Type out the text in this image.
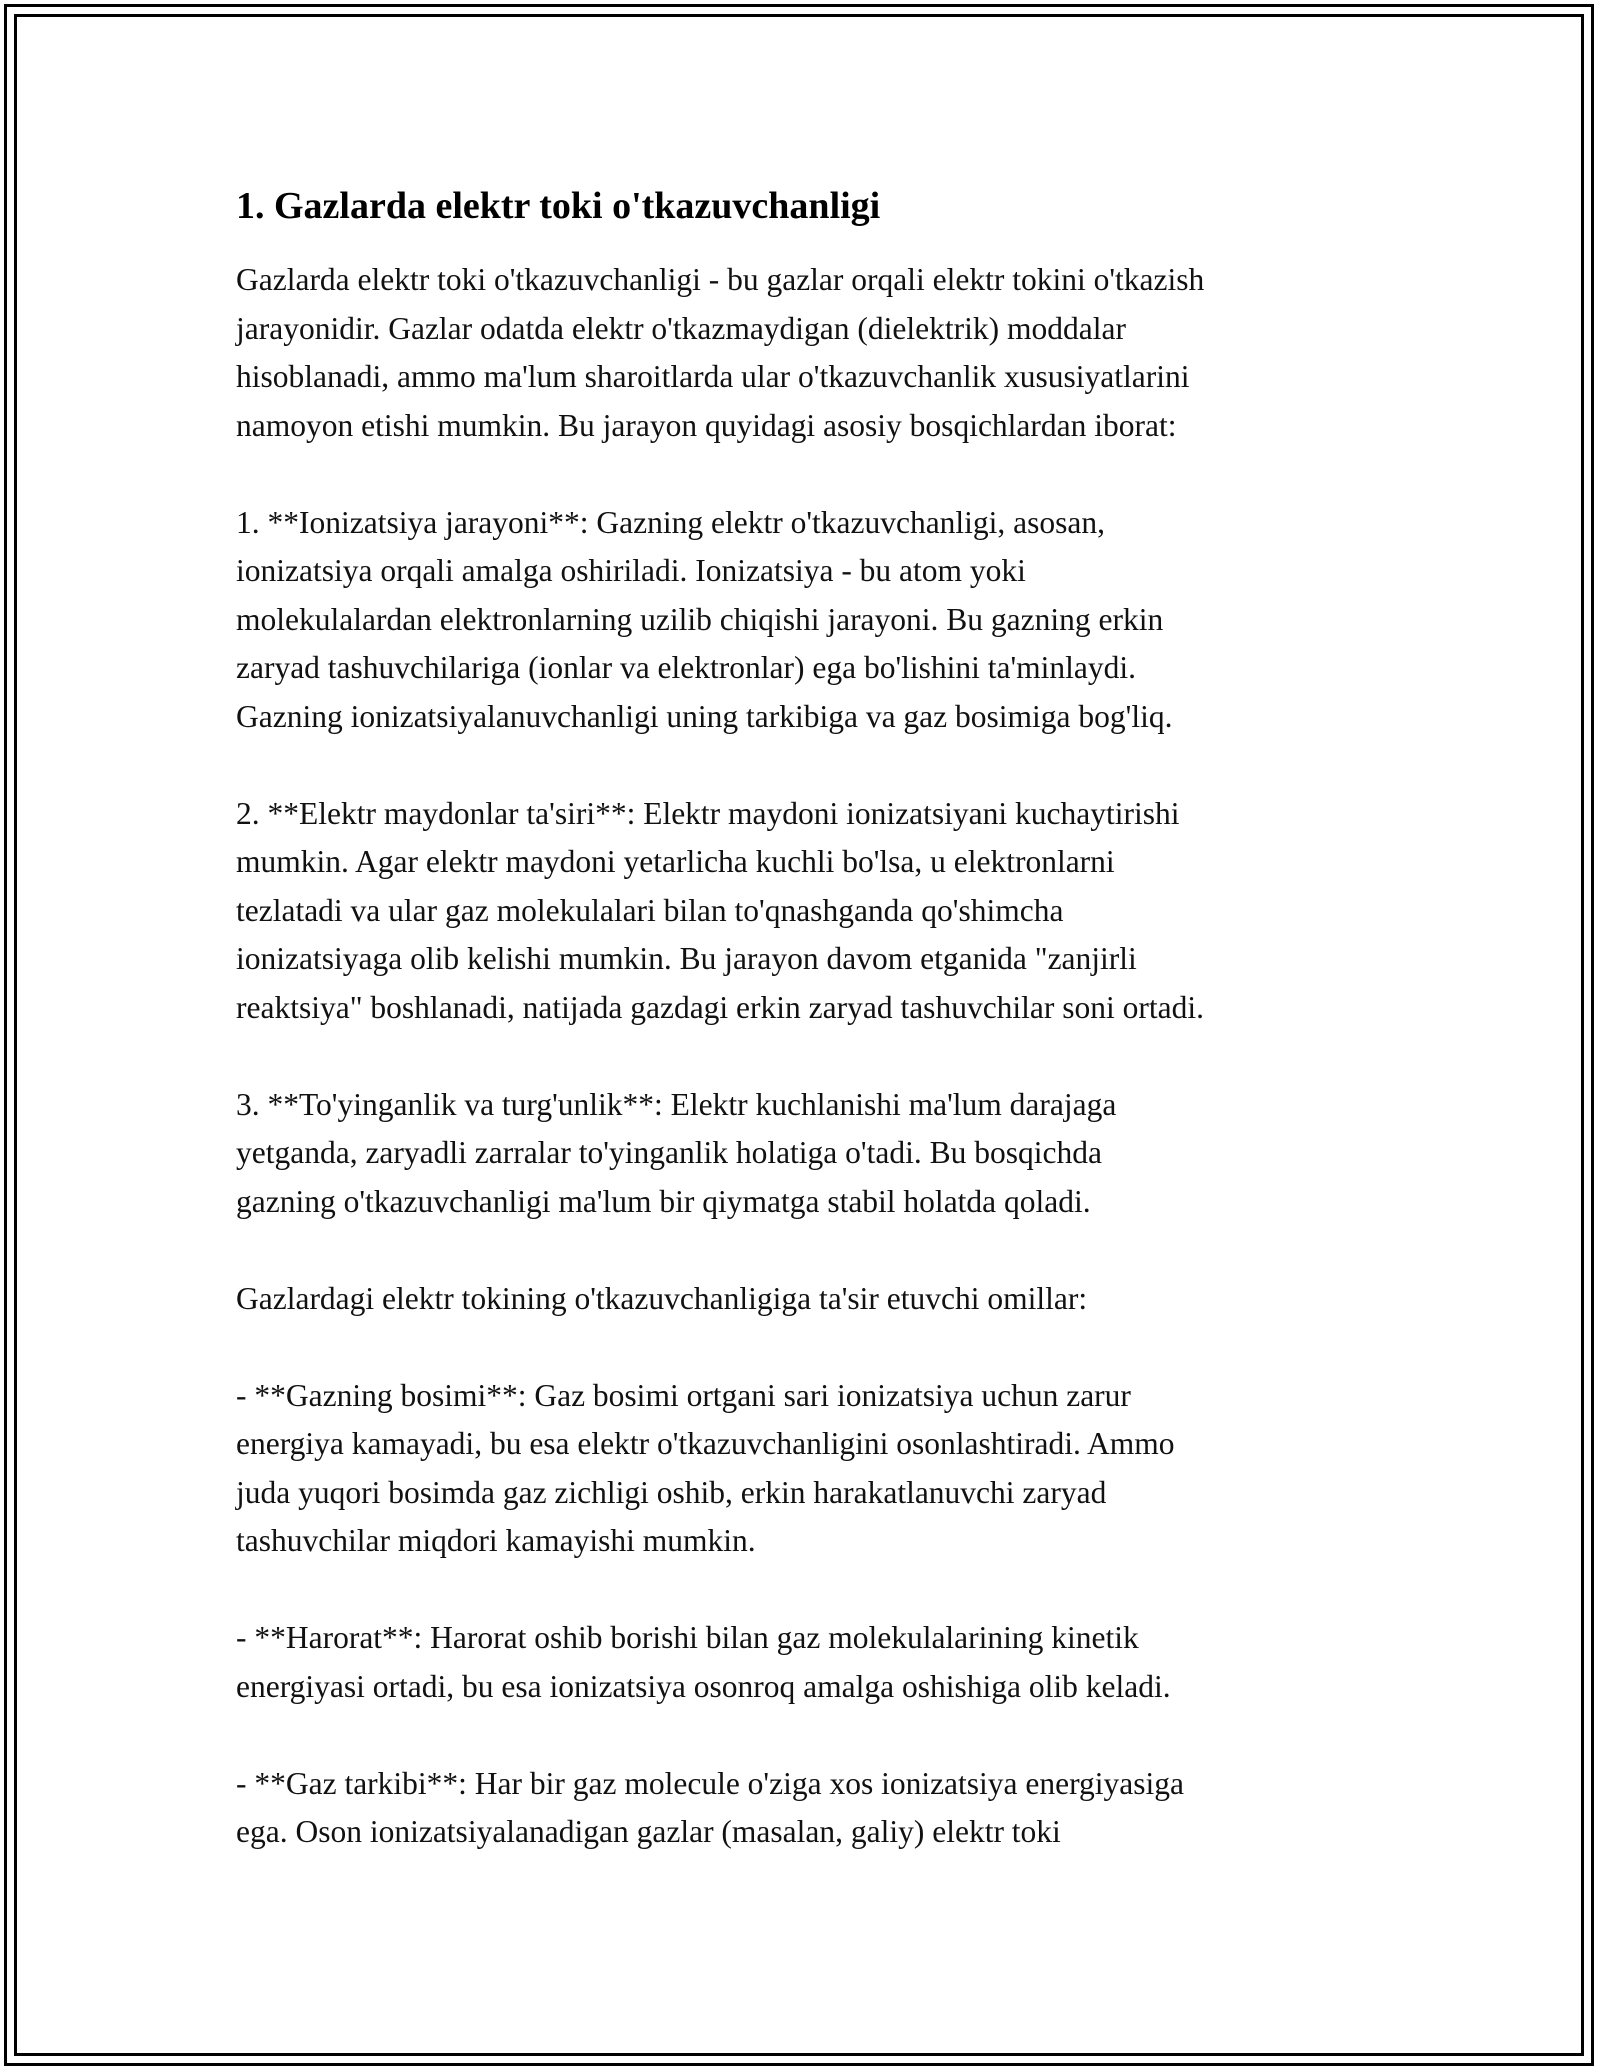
1. Gazlarda elektr toki o'tkazuvchanligi

Gazlarda elektr toki o'tkazuvchanligi - bu gazlar orqali elektr tokini o'tkazish
jarayonidir. Gazlar odatda elektr o'tkazmaydigan (dielektrik) moddalar
hisoblanadi, ammo ma'lum sharoitlarda ular o'tkazuvchanlik xususiyatlarini
namoyon etishi mumkin. Bu jarayon quyidagi asosiy bosqichlardan iborat:

1. **Ionizatsiya jarayoni**: Gazning elektr o'tkazuvchanligi, asosan,
ionizatsiya orqali amalga oshiriladi. Ionizatsiya - bu atom yoki
molekulalardan elektronlarning uzilib chiqishi jarayoni. Bu gazning erkin
zaryad tashuvchilariga (ionlar va elektronlar) ega bo'lishini ta'minlaydi.
Gazning ionizatsiyalanuvchanligi uning tarkibiga va gaz bosimiga bog'liq.

2. **Elektr maydonlar ta'siri**: Elektr maydoni ionizatsiyani kuchaytirishi
mumkin. Agar elektr maydoni yetarlicha kuchli bo'lsa, u elektronlarni
tezlatadi va ular gaz molekulalari bilan to'qnashganda qo'shimcha
ionizatsiyaga olib kelishi mumkin. Bu jarayon davom etganida "zanjirli
reaktsiya" boshlanadi, natijada gazdagi erkin zaryad tashuvchilar soni ortadi.

3. **To'yinganlik va turg'unlik**: Elektr kuchlanishi ma'lum darajaga
yetganda, zaryadli zarralar to'yinganlik holatiga o'tadi. Bu bosqichda
gazning o'tkazuvchanligi ma'lum bir qiymatga stabil holatda qoladi.

Gazlardagi elektr tokining o'tkazuvchanligiga ta'sir etuvchi omillar:

- **Gazning bosimi**: Gaz bosimi ortgani sari ionizatsiya uchun zarur
energiya kamayadi, bu esa elektr o'tkazuvchanligini osonlashtiradi. Ammo
juda yuqori bosimda gaz zichligi oshib, erkin harakatlanuvchi zaryad
tashuvchilar miqdori kamayishi mumkin.

- **Harorat**: Harorat oshib borishi bilan gaz molekulalarining kinetik
energiyasi ortadi, bu esa ionizatsiya osonroq amalga oshishiga olib keladi.

- **Gaz tarkibi**: Har bir gaz molecule o'ziga xos ionizatsiya energiyasiga
ega. Oson ionizatsiyalanadigan gazlar (masalan, galiy) elektr toki
